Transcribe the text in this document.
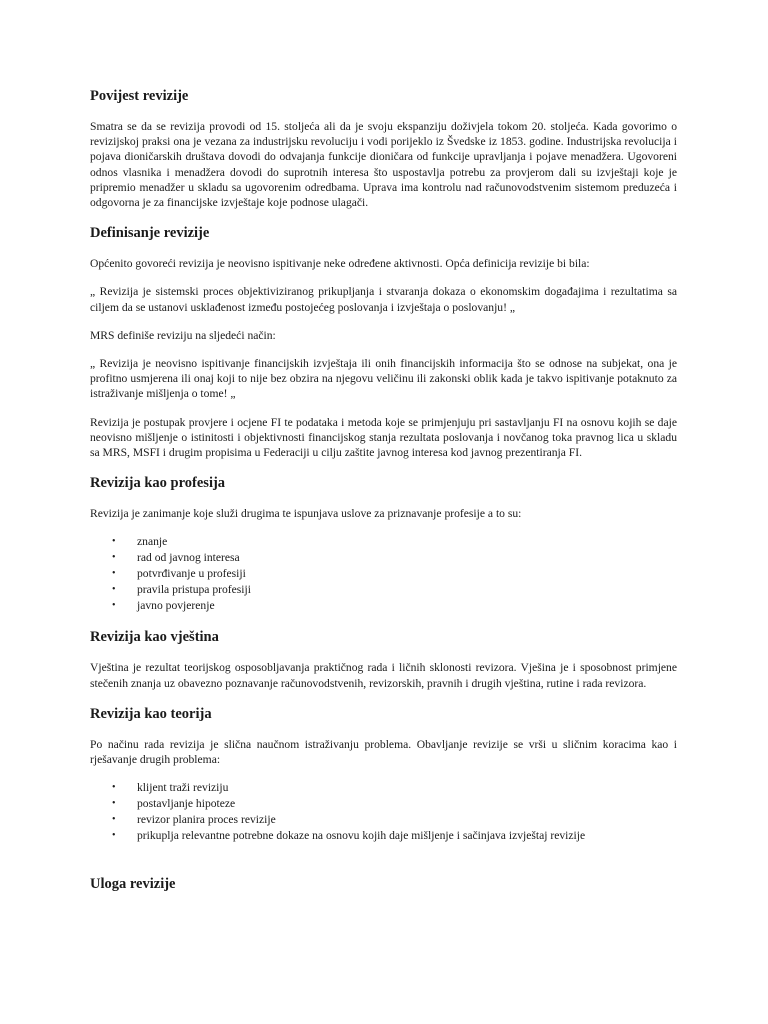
Povijest revizije

Smatra se da se revizija provodi od 15. stoljeća ali da je svoju ekspanziju doživjela tokom 20. stoljeća. Kada govorimo o revizijskoj praksi ona je vezana za industrijsku revoluciju i vodi porijeklo iz Švedske iz 1853. godine. Industrijska revolucija i pojava dioničarskih društava dovodi do odvajanja funkcije dioničara od funkcije upravljanja i pojave menadžera. Ugovoreni odnos vlasnika i menadžera dovodi do suprotnih interesa što uspostavlja potrebu za provjerom dali su izvještaji koje je pripremio menadžer u skladu sa ugovorenim odredbama. Uprava ima kontrolu nad računovodstvenim sistemom preduzeća i odgovorna je za financijske izvještaje koje podnose ulagači.

Definisanje revizije

Općenito govoreći revizija je neovisno ispitivanje neke određene aktivnosti. Opća definicija revizije bi bila:

„ Revizija je sistemski proces objektiviziranog prikupljanja i stvaranja dokaza o ekonomskim događajima i rezultatima sa ciljem da se ustanovi usklađenost između postojećeg poslovanja i izvještaja o poslovanju! „

MRS definiše reviziju na sljedeći način:

„ Revizija je neovisno ispitivanje financijskih izvještaja ili onih financijskih informacija što se odnose na subjekat, ona je profitno usmjerena ili onaj koji to nije bez obzira na njegovu veličinu ili zakonski oblik kada je takvo ispitivanje potaknuto za istraživanje mišljenja o tome! „

Revizija je postupak provjere i ocjene FI te podataka i metoda koje se primjenjuju pri sastavljanju FI na osnovu kojih se daje neovisno mišljenje o istinitosti i objektivnosti financijskog stanja rezultata poslovanja i novčanog toka pravnog lica u skladu sa MRS, MSFI i drugim propisima u Federaciji u cilju zaštite javnog interesa kod javnog prezentiranja FI.

Revizija kao profesija

Revizija je zanimanje koje služi drugima te ispunjava uslove za priznavanje profesije a to su:

• znanje
• rad od javnog interesa
• potvrđivanje u profesiji
• pravila pristupa profesiji
• javno povjerenje
Revizija kao vještina

Vještina je rezultat teorijskog osposobljavanja praktičnog rada i ličnih sklonosti revizora. Vješina je i sposobnost primjene stečenih znanja uz obavezno poznavanje računovodstvenih, revizorskih, pravnih i drugih vještina, rutine i rada revizora.

Revizija kao teorija

Po načinu rada revizija je slična naučnom istraživanju problema. Obavljanje revizije se vrši u sličnim koracima kao i rješavanje drugih problema:

• klijent traži reviziju
• postavljanje hipoteze
• revizor planira proces revizije
• prikuplja relevantne potrebne dokaze na osnovu kojih daje mišljenje i sačinjava izvještaj revizije
Uloga revizije
